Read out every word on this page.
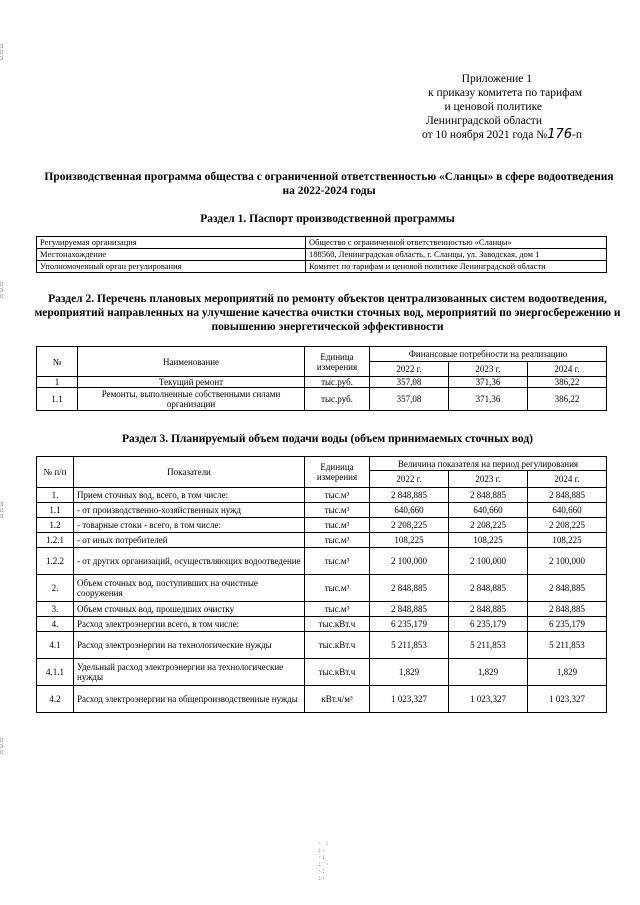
⁝⁞
⁞⁝
⁝⁞
⁞⁝
⁝⁞
⁞⁝
⁝⁞
⁞⁝
⁝⁞
⁞⁝
⁝⁞
⁞⁝
Приложение 1
к приказу комитета по тарифам
и ценовой политике
Ленинградской области
от 10 ноября 2021 года №176-п
Производственная программа общества с ограниченной ответственностью «Сланцы» в сфере водоотведения на 2022-2024 годы
Раздел 1. Паспорт производственной программы
Регулируемая организация	Общество с ограниченной ответственностью «Сланцы»
Местонахождение	188560, Ленинградская область, г. Сланцы, ул. Заводская, дом 1
Уполномоченный орган регулирования	Комитет по тарифам и ценовой политике Ленинградской области
Раздел 2. Перечень плановых мероприятий по ремонту объектов централизованных систем водоотведения, мероприятий направленных на улучшение качества очистки сточных вод, мероприятий по энергосбережению и повышению энергетической эффективности
№	Наименование	Единица измерения	Финансовые потребности на реализацию		
			2022 г.	2023 г.	2024 г.
1	Текущий ремонт	тыс.руб.	357,08	371,36	386,22
1.1	Ремонты, выполненные собственными силами организации	тыс.руб.	357,08	371,36	386,22
Раздел 3. Планируемый объем подачи воды (объем принимаемых сточных вод)
№ п/п	Показатели	Единица измерения	Величина показателя на период регулирования		
			2022 г.	2023 г.	2024 г.
1.	Прием сточных вод, всего, в том числе:	тыс.м³	2 848,885	2 848,885	2 848,885
1.1	- от производственно-хозяйственных нужд	тыс.м³	640,660	640,660	640,660
1.2	- товарные стоки - всего, в том числе:	тыс.м³	2 208,225	2 208,225	2 208,225
1.2.1	- от иных потребителей	тыс.м³	108,225	108,225	108,225
1.2.2	- от других организаций, осуществляющих водоотведение	тыс.м³	2 100,000	2 100,000	2 100,000
2.	Объем сточных вод, поступивших на очистные сооружения	тыс.м³	2 848,885	2 848,885	2 848,885
3.	Объем сточных вод, прошедших очистку	тыс.м³	2 848,885	2 848,885	2 848,885
4.	Расход электроэнергии всего, в том числе:	тыс.кВт.ч	6 235,179	6 235,179	6 235,179
4.1	Расход электроэнергии на технологические нужды	тыс.кВт.ч	5 211,853	5 211,853	5 211,853
4.1.1	Удельный расход электроэнергии на технологические нужды	тыс.кВт.ч	1,829	1,829	1,829
4.2	Расход электроэнергии на общепроизводственные нужды	кВт.ч/м³	1 023,327	1 023,327	1 023,327
· :
:·
·:
: ·
·:
:·
